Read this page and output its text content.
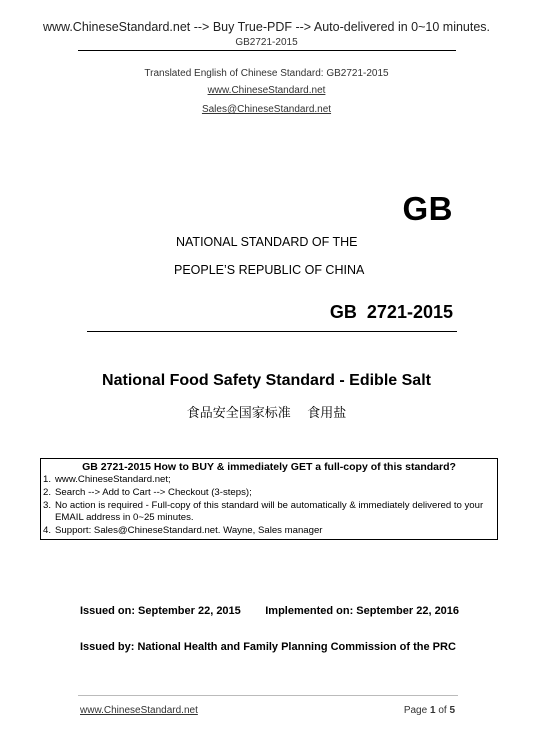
www.ChineseStandard.net --> Buy True-PDF --> Auto-delivered in 0~10 minutes.
GB2721-2015
Translated English of Chinese Standard: GB2721-2015
www.ChineseStandard.net
Sales@ChineseStandard.net
GB
NATIONAL STANDARD OF THE
PEOPLE’S REPUBLIC OF CHINA
GB  2721-2015
National Food Safety Standard - Edible Salt
食品安全国家标准    食用盐
GB 2721-2015 How to BUY & immediately GET a full-copy of this standard?
1. www.ChineseStandard.net;
2. Search --> Add to Cart --> Checkout (3-steps);
3. No action is required - Full-copy of this standard will be automatically & immediately delivered to your EMAIL address in 0~25 minutes.
4. Support: Sales@ChineseStandard.net. Wayne, Sales manager
Issued on: September 22, 2015 Implemented on: September 22, 2016
Issued by: National Health and Family Planning Commission of the PRC
www.ChineseStandard.net	Page 1 of 5
